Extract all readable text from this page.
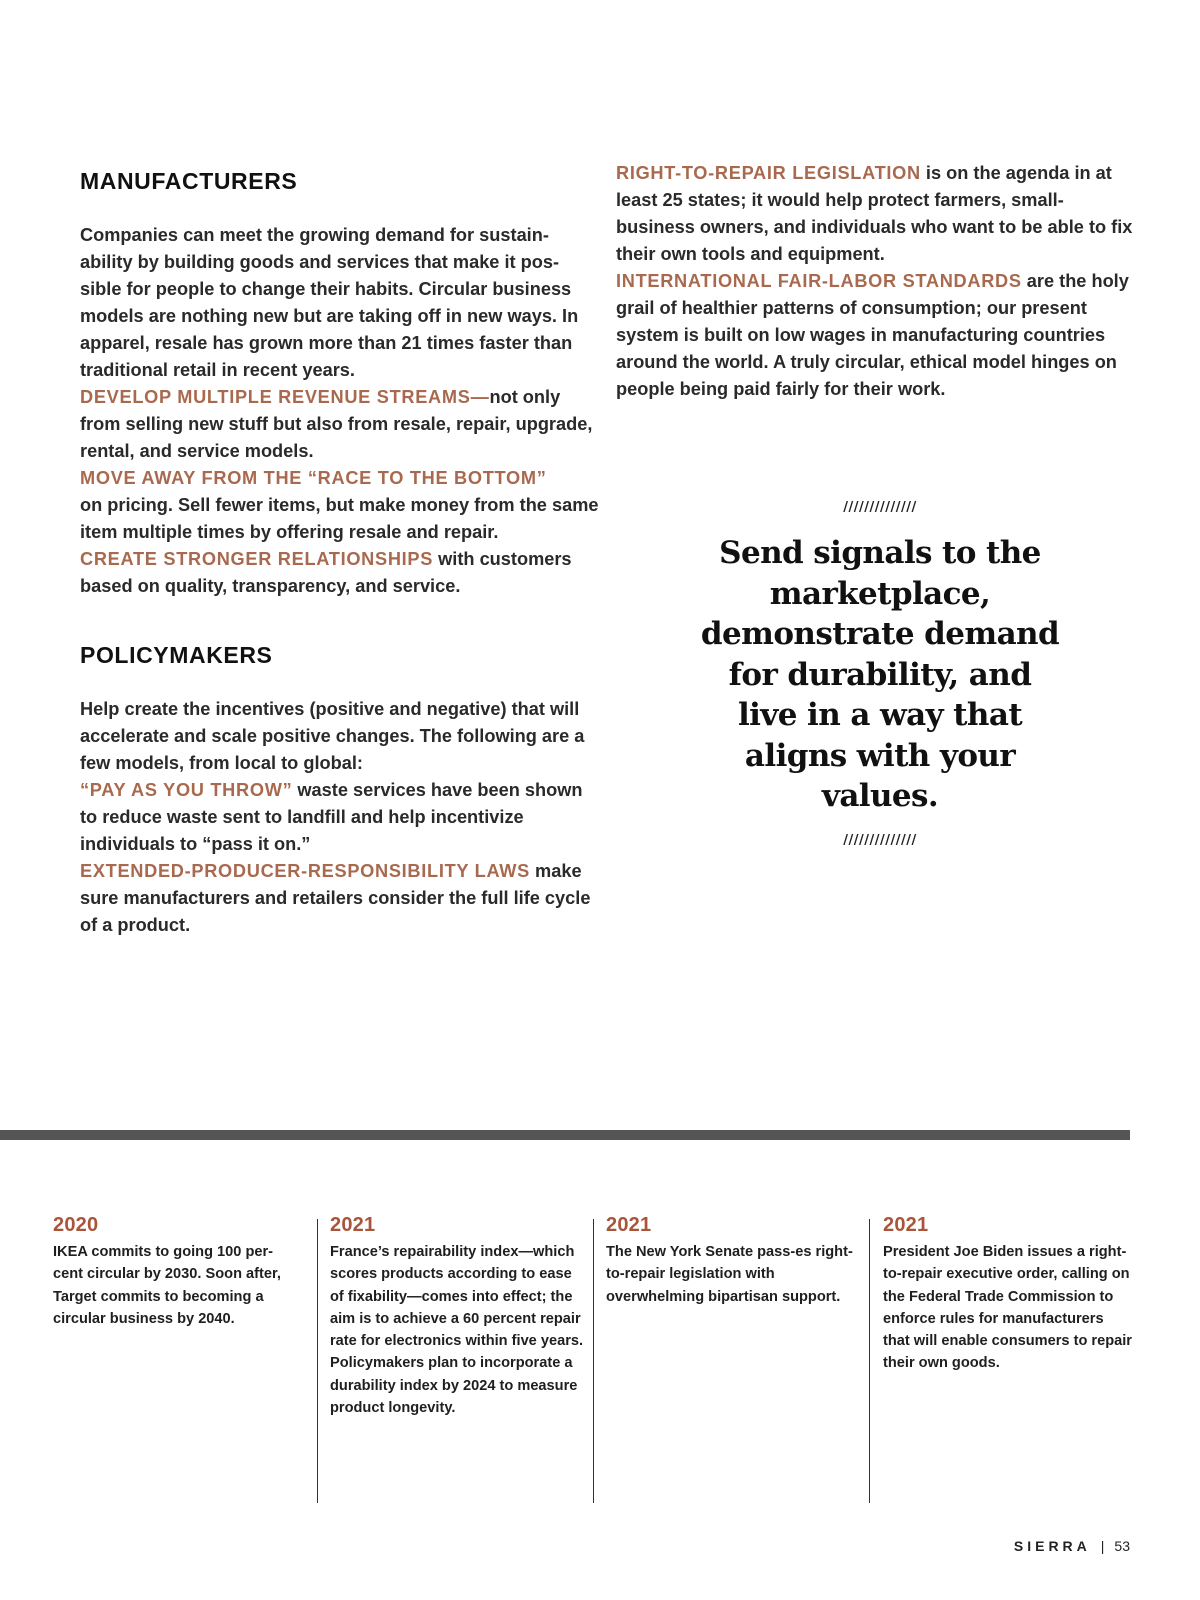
MANUFACTURERS

Companies can meet the growing demand for sustain-ability by building goods and services that make it pos-sible for people to change their habits. Circular business models are nothing new but are taking off in new ways. In apparel, resale has grown more than 21 times faster than traditional retail in recent years.

DEVELOP MULTIPLE REVENUE STREAMS—not only from selling new stuff but also from resale, repair, upgrade, rental, and service models.

MOVE AWAY FROM THE “RACE TO THE BOTTOM”
on pricing. Sell fewer items, but make money from the same item multiple times by offering resale and repair.

CREATE STRONGER RELATIONSHIPS with customers based on quality, transparency, and service.

POLICYMAKERS

Help create the incentives (positive and negative) that will accelerate and scale positive changes. The following are a few models, from local to global:

“PAY AS YOU THROW” waste services have been shown to reduce waste sent to landfill and help incentivize individuals to “pass it on.”

EXTENDED-PRODUCER-RESPONSIBILITY LAWS make sure manufacturers and retailers consider the full life cycle of a product.

RIGHT-TO-REPAIR LEGISLATION is on the agenda in at least 25 states; it would help protect farmers, small-business owners, and individuals who want to be able to fix their own tools and equipment.

INTERNATIONAL FAIR-LABOR STANDARDS are the holy grail of healthier patterns of consumption; our present system is built on low wages in manufacturing countries around the world. A truly circular, ethical model hinges on people being paid fairly for their work.

//////////////
Send signals to the marketplace, demonstrate demand for durability, and live in a way that aligns with your values.
//////////////
2020

IKEA commits to going 100 per-cent circular by 2030. Soon after, Target commits to becoming a circular business by 2040.

2021

France’s repairability index—which scores products according to ease of fixability—comes into effect; the aim is to achieve a 60 percent repair rate for electronics within five years. Policymakers plan to incorporate a durability index by 2024 to measure product longevity.

2021

The New York Senate pass-es right-to-repair legislation with overwhelming bipartisan support.

2021

President Joe Biden issues a right-to-repair executive order, calling on the Federal Trade Commission to enforce rules for manufacturers that will enable consumers to repair their own goods.

SIERRA | 53
